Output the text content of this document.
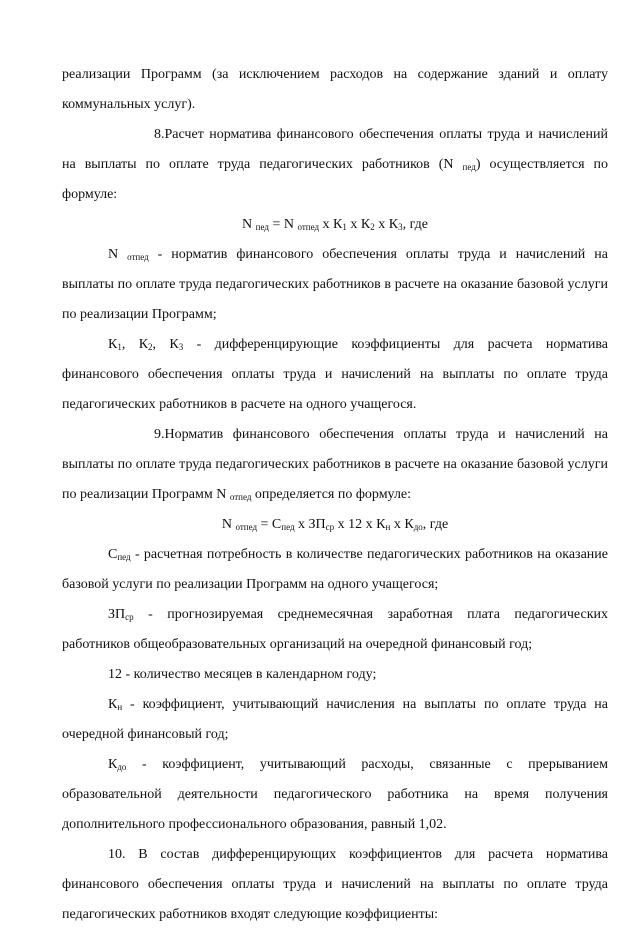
реализации Программ (за исключением расходов на содержание зданий и оплату коммунальных услуг).

8.Расчет норматива финансового обеспечения оплаты труда и начислений на выплаты по оплате труда педагогических работников (N $_{пед}$) осуществляется по формуле:

N $_{пед}$ = N $_{отпед}$ х $К_1$ х $К_2$ х $К_3$, где

N $_{отпед}$ - норматив финансового обеспечения оплаты труда и начислений на выплаты по оплате труда педагогических работников в расчете на оказание базовой услуги по реализации Программ;

$К_1$, $К_2$, $К_3$ - дифференцирующие коэффициенты для расчета норматива финансового обеспечения оплаты труда и начислений на выплаты по оплате труда педагогических работников в расчете на одного учащегося.

9.Норматив финансового обеспечения оплаты труда и начислений на выплаты по оплате труда педагогических работников в расчете на оказание базовой услуги по реализации Программ N $_{отпед}$ определяется по формуле:

N $_{отпед} = C_{пед}$ х $ЗП_{ср}$ х 12 х $К_н$ х $К_{до}$, где

$C_{пед}$ - расчетная потребность в количестве педагогических работников на оказание базовой услуги по реализации Программ на одного учащегося;

$ЗП_{ср}$ - прогнозируемая среднемесячная заработная плата педагогических работников общеобразовательных организаций на очередной финансовый год;

12 - количество месяцев в календарном году;

$К_н$ - коэффициент, учитывающий начисления на выплаты по оплате труда на очередной финансовый год;

$К_{до}$ - коэффициент, учитывающий расходы, связанные с прерыванием образовательной деятельности педагогического работника на время получения дополнительного профессионального образования, равный 1,02.

10. В состав дифференцирующих коэффициентов для расчета норматива финансового обеспечения оплаты труда и начислений на выплаты по оплате труда педагогических работников входят следующие коэффициенты:
